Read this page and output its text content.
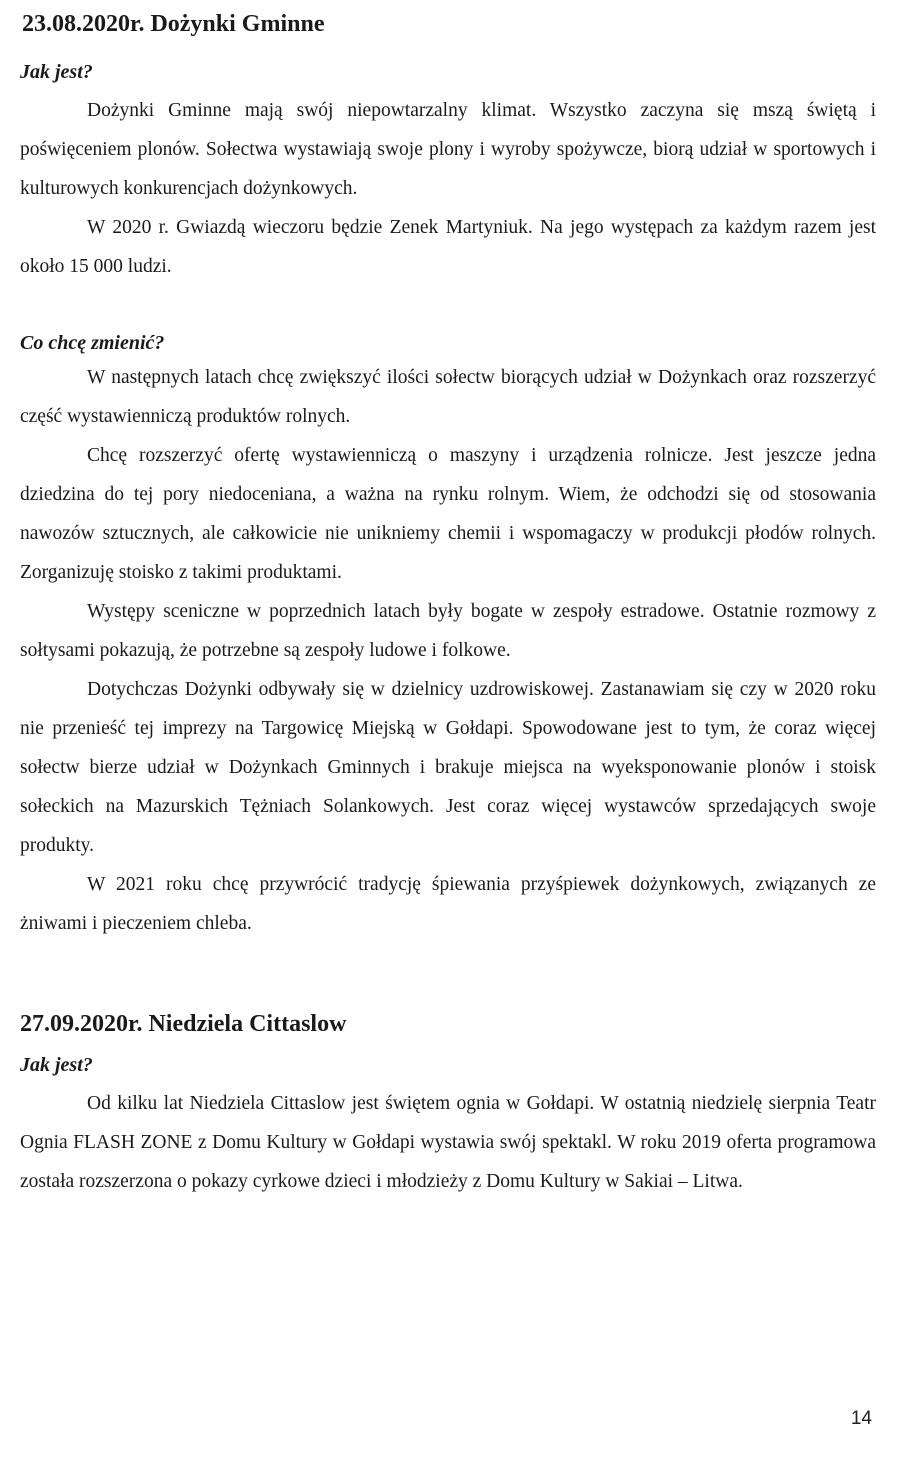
23.08.2020r. Dożynki Gminne
Jak jest?

Dożynki Gminne mają swój niepowtarzalny klimat. Wszystko zaczyna się mszą świętą i poświęceniem plonów. Sołectwa wystawiają swoje plony i wyroby spożywcze, biorą udział w sportowych i kulturowych konkurencjach dożynkowych.

W 2020 r. Gwiazdą wieczoru będzie Zenek Martyniuk. Na jego występach za każdym razem jest około 15 000 ludzi.

Co chcę zmienić?

W następnych latach chcę zwiększyć ilości sołectw biorących udział w Dożynkach oraz rozszerzyć część wystawienniczą produktów rolnych.

Chcę rozszerzyć ofertę wystawienniczą o maszyny i urządzenia rolnicze. Jest jeszcze jedna dziedzina do tej pory niedoceniana, a ważna na rynku rolnym. Wiem, że odchodzi się od stosowania nawozów sztucznych, ale całkowicie nie unikniemy chemii i wspomagaczy w produkcji płodów rolnych. Zorganizuję stoisko z takimi produktami.

Występy sceniczne w poprzednich latach były bogate w zespoły estradowe. Ostatnie rozmowy z sołtysami pokazują, że potrzebne są zespoły ludowe i folkowe.

Dotychczas Dożynki odbywały się w dzielnicy uzdrowiskowej. Zastanawiam się czy w 2020 roku nie przenieść tej imprezy na Targowicę Miejską w Gołdapi. Spowodowane jest to tym, że coraz więcej sołectw bierze udział w Dożynkach Gminnych i brakuje miejsca na wyeksponowanie plonów i stoisk sołeckich na Mazurskich Tężniach Solankowych. Jest coraz więcej wystawców sprzedających swoje produkty.

W 2021 roku chcę przywrócić tradycję śpiewania przyśpiewek dożynkowych, związanych ze żniwami i pieczeniem chleba.

27.09.2020r. Niedziela Cittaslow
Jak jest?

Od kilku lat Niedziela Cittaslow jest świętem ognia w Gołdapi. W ostatnią niedzielę sierpnia Teatr Ognia FLASH ZONE z Domu Kultury w Gołdapi wystawia swój spektakl. W roku 2019 oferta programowa została rozszerzona o pokazy cyrkowe dzieci i młodzieży z Domu Kultury w Sakiai – Litwa.

14
